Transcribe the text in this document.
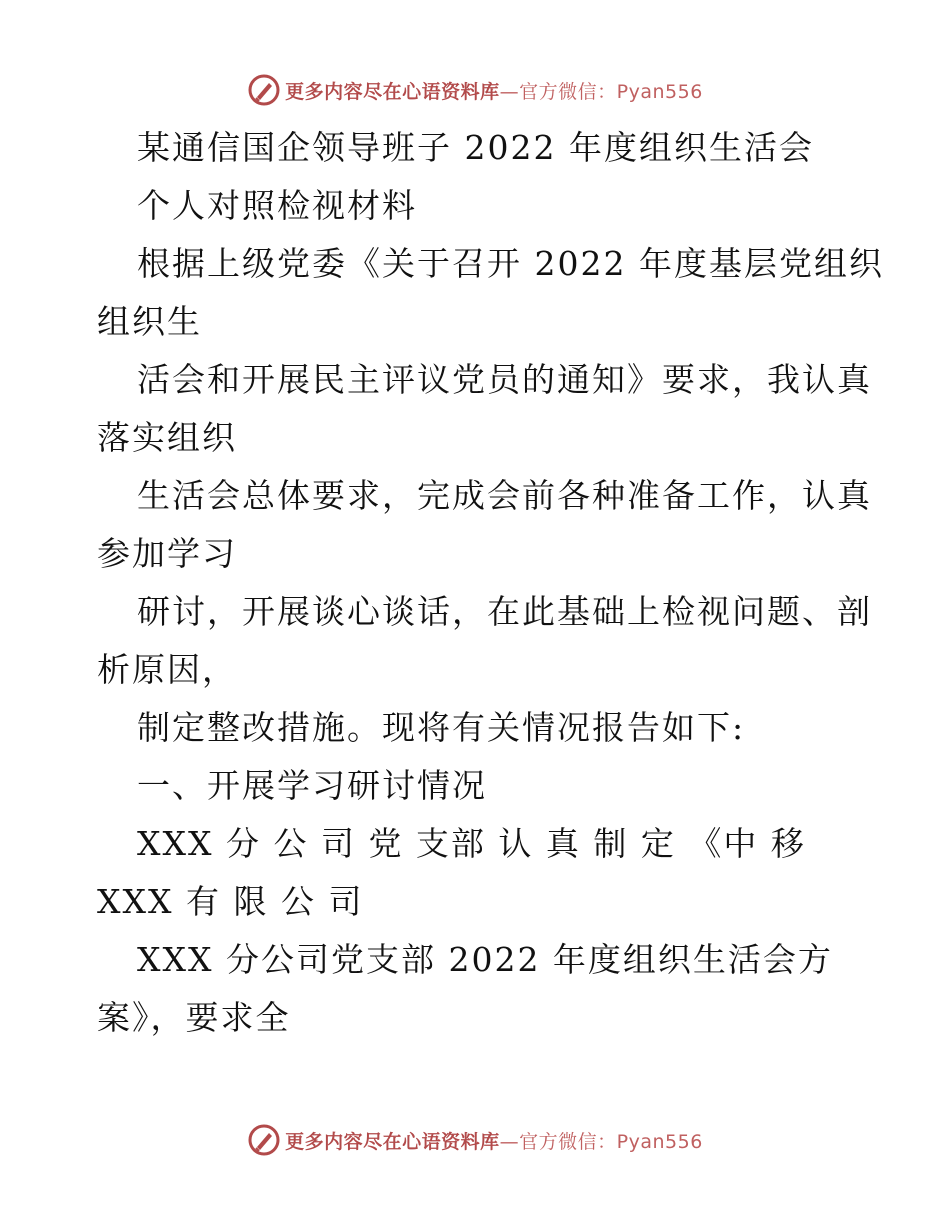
更多内容尽在心语资料库—官方微信：Pyan556
某通信国企领导班子 2022 年度组织生活会
个人对照检视材料
根据上级党委《关于召开 2022 年度基层党组织
组织生
活会和开展民主评议党员的通知》要求，我认真
落实组织
生活会总体要求，完成会前各种准备工作，认真
参加学习
研讨，开展谈心谈话，在此基础上检视问题、剖
析原因，
制定整改措施。现将有关情况报告如下:
一、开展学习研讨情况
XXX 分 公 司 党 支部 认 真 制 定 《中 移
XXX 有 限 公 司
XXX 分公司党支部 2022 年度组织生活会方
案》，要求全
更多内容尽在心语资料库—官方微信：Pyan556
